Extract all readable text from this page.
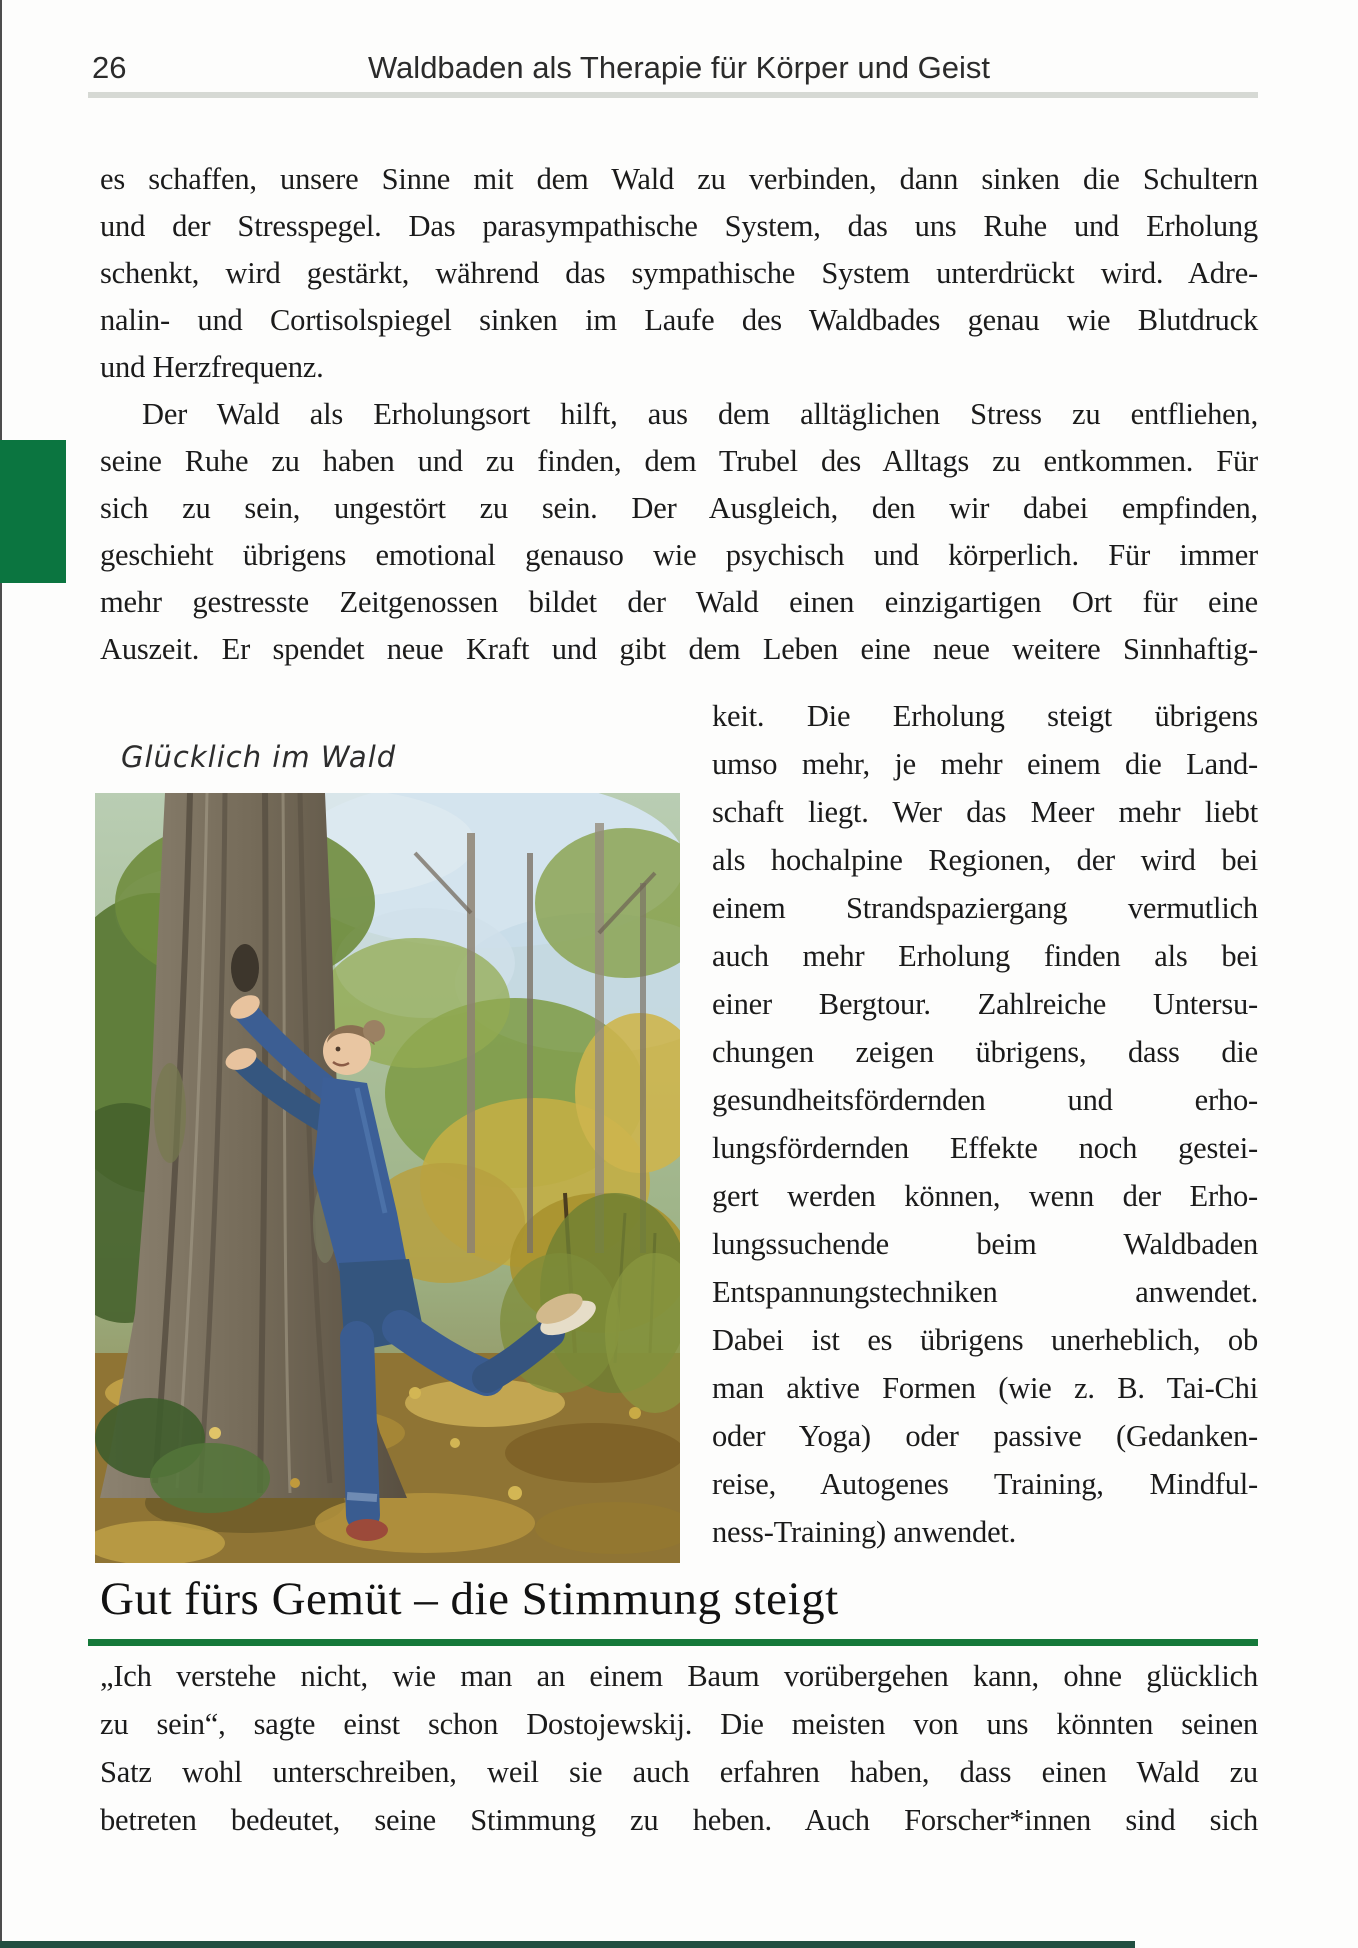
26	Waldbaden als Therapie für Körper und Geist
es schaffen, unsere Sinne mit dem Wald zu verbinden, dann sinken die Schultern
und der Stresspegel. Das parasympathische System, das uns Ruhe und Erholung
schenkt, wird gestärkt, während das sympathische System unterdrückt wird. Adre-
nalin- und Cortisolspiegel sinken im Laufe des Waldbades genau wie Blutdruck
und Herzfrequenz.
Der Wald als Erholungsort hilft, aus dem alltäglichen Stress zu entfliehen,
seine Ruhe zu haben und zu finden, dem Trubel des Alltags zu entkommen. Für
sich zu sein, ungestört zu sein. Der Ausgleich, den wir dabei empfinden,
geschieht übrigens emotional genauso wie psychisch und körperlich. Für immer
mehr gestresste Zeitgenossen bildet der Wald einen einzigartigen Ort für eine
Auszeit. Er spendet neue Kraft und gibt dem Leben eine neue weitere Sinnhaftig-
Glücklich im Wald
keit. Die Erholung steigt übrigens
umso mehr, je mehr einem die Land-
schaft liegt. Wer das Meer mehr liebt
als hochalpine Regionen, der wird bei
einem Strandspaziergang vermutlich
auch mehr Erholung finden als bei
einer Bergtour. Zahlreiche Untersu-
chungen zeigen übrigens, dass die
gesundheitsfördernden und erho-
lungsfördernden Effekte noch gestei-
gert werden können, wenn der Erho-
lungssuchende beim Waldbaden
Entspannungstechniken anwendet.
Dabei ist es übrigens unerheblich, ob
man aktive Formen (wie z. B. Tai-Chi
oder Yoga) oder passive (Gedanken-
reise, Autogenes Training, Mindful-
ness-Training) anwendet.
Gut fürs Gemüt – die Stimmung steigt
„Ich verstehe nicht, wie man an einem Baum vorübergehen kann, ohne glücklich
zu sein“, sagte einst schon Dostojewskij. Die meisten von uns könnten seinen
Satz wohl unterschreiben, weil sie auch erfahren haben, dass einen Wald zu
betreten bedeutet, seine Stimmung zu heben. Auch Forscher*innen sind sich
